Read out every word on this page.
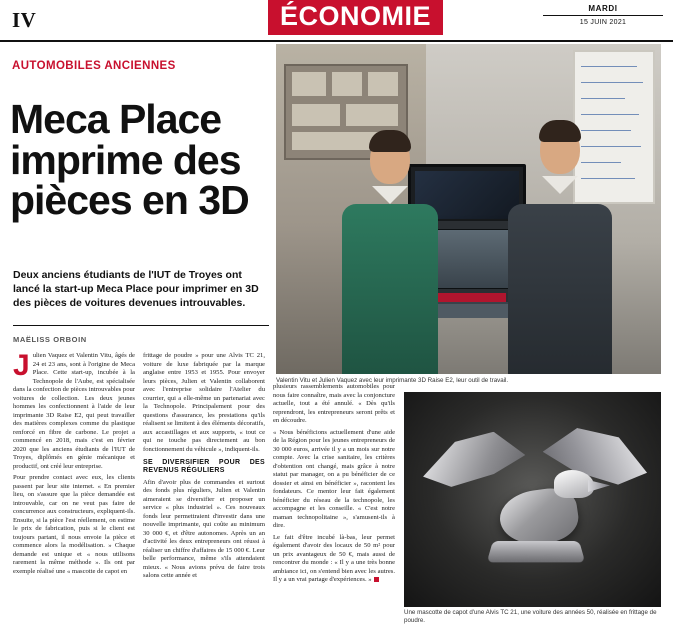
IV	ÉCONOMIE	MARDI
15 JUIN 2021
AUTOMOBILES ANCIENNES
Meca Place imprime des pièces en 3D
Deux anciens étudiants de l'IUT de Troyes ont lancé la start-up Meca Place pour imprimer en 3D des pièces de voitures devenues introuvables.
MAËLISS ORBOIN

Julien Vaquez et Valentin Vitu, âgés de 24 et 23 ans, sont à l'origine de Meca Place. Cette start-up, incubée à la Technopole de l'Aube, est spécialisée dans la confection de pièces introuvables pour voitures de collection. Les deux jeunes hommes les confectionnent à l'aide de leur imprimante 3D Raise E2, qui peut travailler des matières complexes comme du plastique renforcé en fibre de carbone. Le projet a commencé en 2018, mais c'est en février 2020 que les anciens étudiants de l'IUT de Troyes, diplômés en génie mécanique et productif, ont créé leur entreprise.

Pour prendre contact avec eux, les clients passent par leur site internet. « En premier lieu, on s'assure que la pièce demandée est introuvable, car on ne veut pas faire de concurrence aux constructeurs, expliquent-ils. Ensuite, si la pièce l'est réellement, on estime le prix de fabrication, puis si le client est toujours partant, il nous envoie la pièce et commence alors la modélisation. » Chaque demande est unique et « nous utilisons rarement la même méthode ». Ils ont par exemple réalisé une « mascotte de capot en

frittage de poudre » pour une Alvis TC 21, voiture de luxe fabriquée par la marque anglaise entre 1953 et 1955. Pour envoyer leurs pièces, Julien et Valentin collaborent avec l'entreprise solidaire l'Atelier du courrier, qui a elle-même un partenariat avec la Technopole. Principalement pour des questions d'assurance, les prestations qu'ils réalisent se limitent à des éléments décoratifs, aux accastillages et aux supports, « tout ce qui ne touche pas directement au bon fonctionnement du véhicule », indiquent-ils.

SE DIVERSIFIER POUR DES REVENUS RÉGULIERS

Afin d'avoir plus de commandes et surtout des fonds plus réguliers, Julien et Valentin aimeraient se diversifier et proposer un service « plus industriel ». Ces nouveaux fonds leur permettraient d'investir dans une nouvelle imprimante, qui coûte au minimum 30 000 €, et d'être autonomes. Après un an d'activité les deux entrepreneurs ont réussi à réaliser un chiffre d'affaires de 15 000 €. Leur belle performance, même s'ils attendaient mieux. « Nous avions prévu de faire trois salons cette année et

plusieurs rassemblements automobiles pour nous faire connaître, mais avec la conjoncture actuelle, tout a été annulé. « Dès qu'ils reprendront, les entrepreneurs seront prêts et en découdre.

« Nous bénéficions actuellement d'une aide de la Région pour les jeunes entrepreneurs de 30 000 euros, arrivée il y a un mois sur notre compte. Avec la crise sanitaire, les critères d'obtention ont changé, mais grâce à notre statut par manager, on a pu bénéficier de ce dossier et ainsi en bénéficier », racontent les fondateurs. Ce mentor leur fait également bénéficier du réseau de la technopole, les accompagne et les conseille. « C'est notre maman technopolitaine », s'amusent-ils à dire.

Le fait d'être incubé là-bas, leur permet également d'avoir des locaux de 50 m² pour un prix avantageux de 50 €, mais aussi de rencontrer du monde : « Il y a une très bonne ambiance ici, on s'entend bien avec les autres. Il y a un vrai partage d'expériences. »

Valentin Vitu et Julien Vaquez avec leur imprimante 3D Raise E2, leur outil de travail.
Une mascotte de capot d'une Alvis TC 21, une voiture des années 50, réalisée en frittage de poudre.
